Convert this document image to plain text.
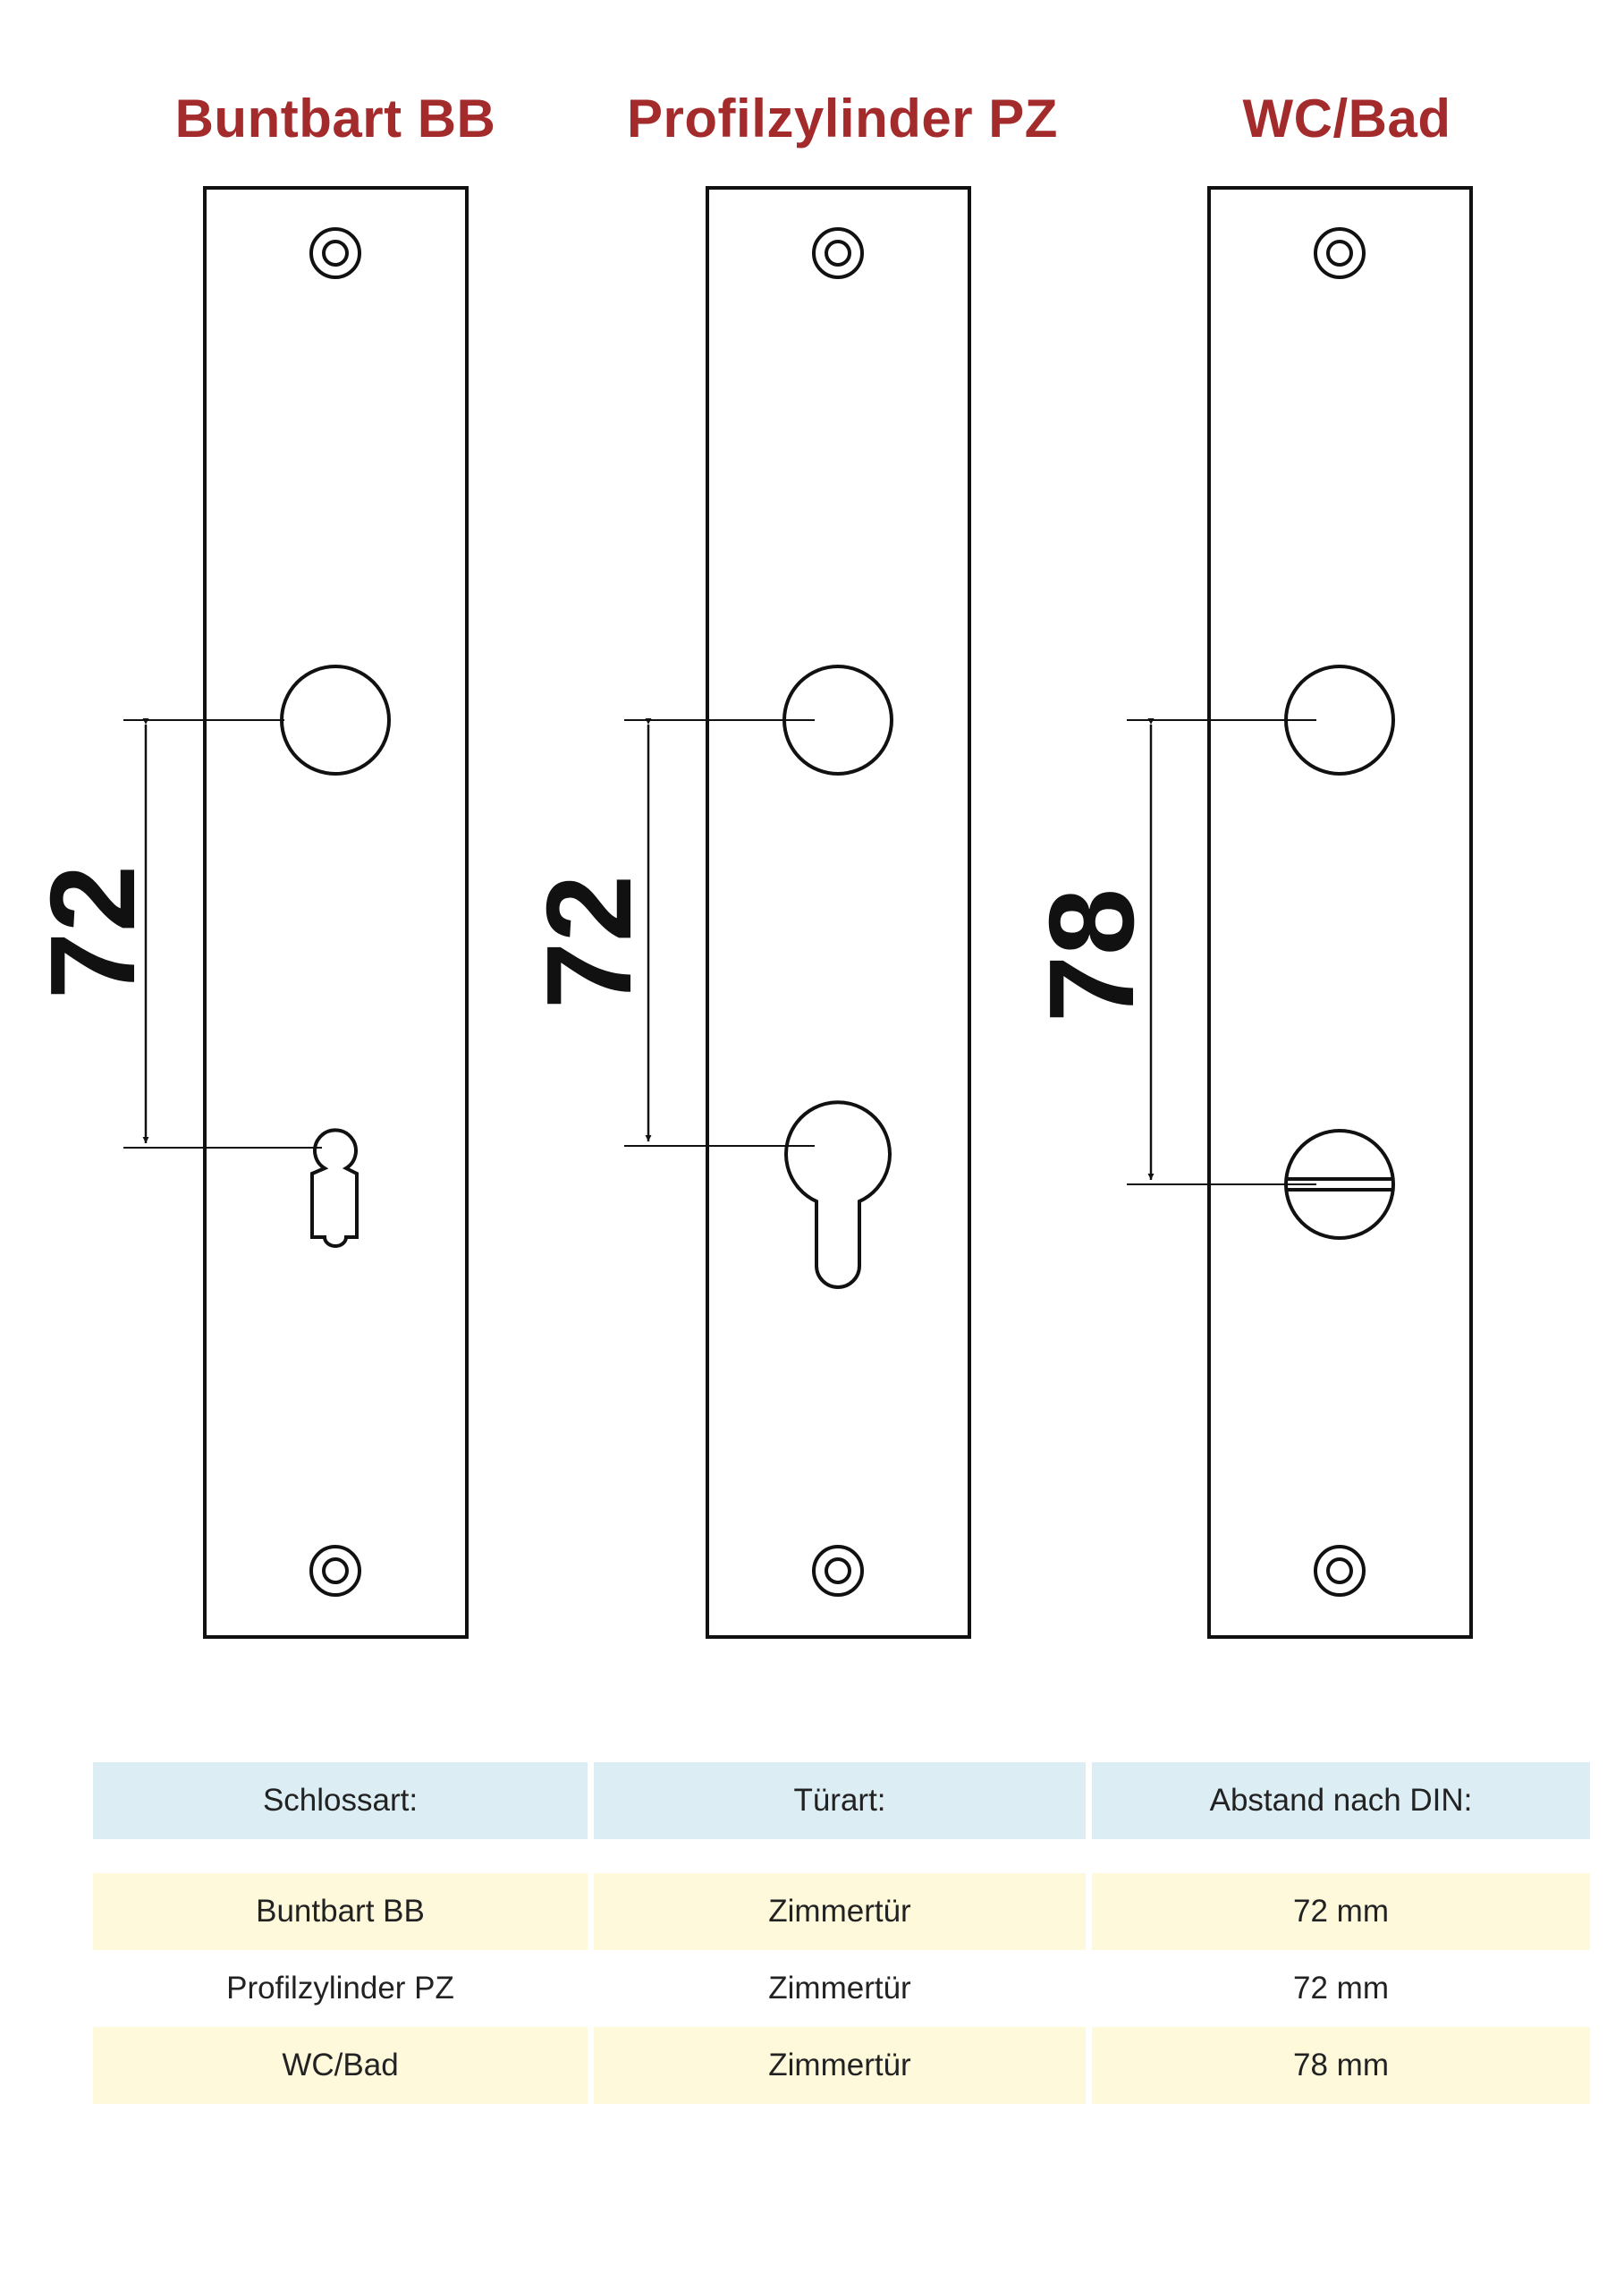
Buntbart BB	Profilzylinder PZ	WC/Bad
72	72	78
Schlossart:	Türart:	Abstand nach DIN:
Buntbart BB	Zimmertür	72 mm
Profilzylinder PZ	Zimmertür	72 mm
WC/Bad	Zimmertür	78 mm
